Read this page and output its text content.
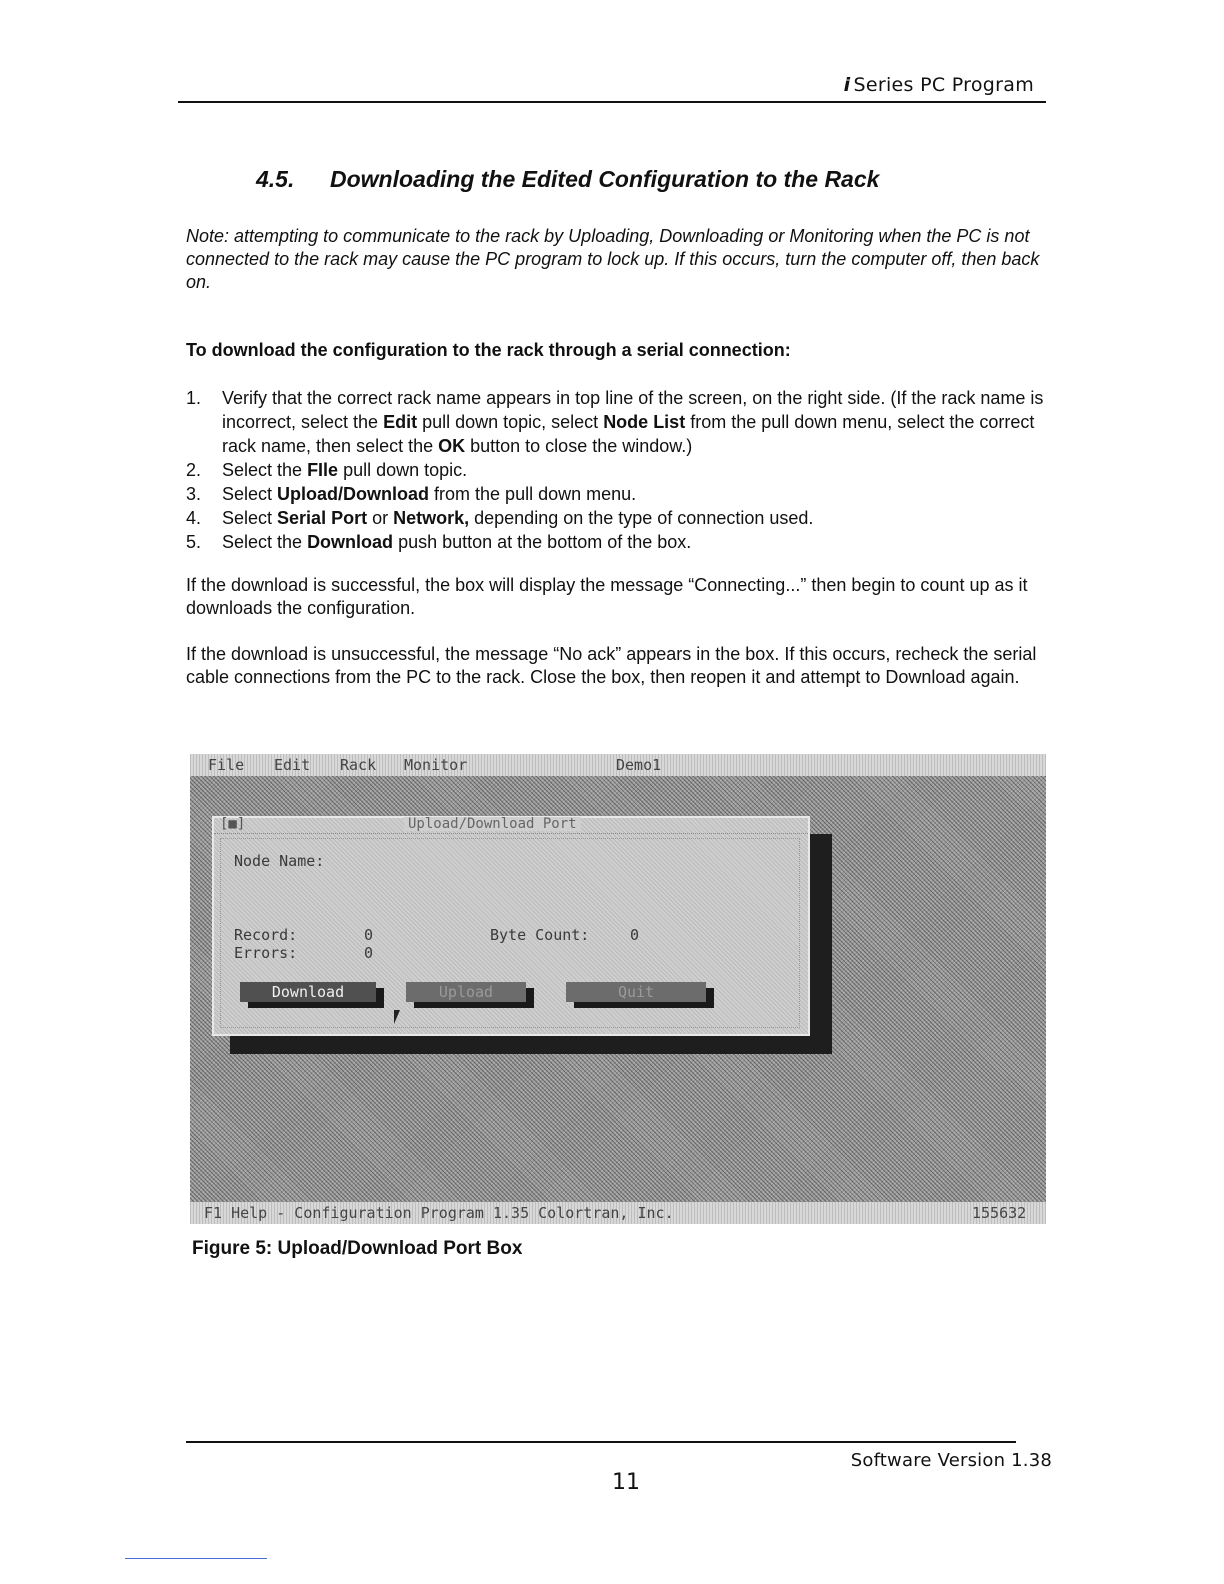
i Series PC Program
4.5. Downloading the Edited Configuration to the Rack
Note: attempting to communicate to the rack by Uploading, Downloading or Monitoring when the PC is not connected to the rack may cause the PC program to lock up. If this occurs, turn the computer off, then back on.
To download the configuration to the rack through a serial connection:
1. Verify that the correct rack name appears in top line of the screen, on the right side. (If the rack name is incorrect, select the Edit pull down topic, select Node List from the pull down menu, select the correct rack name, then select the OK button to close the window.)
2. Select the FIle pull down topic.
3. Select Upload/Download from the pull down menu.
4. Select Serial Port or Network, depending on the type of connection used.
5. Select the Download push button at the bottom of the box.
If the download is successful, the box will display the message “Connecting...” then begin to count up as it downloads the configuration.
If the download is unsuccessful, the message “No ack” appears in the box. If this occurs, recheck the serial cable connections from the PC to the rack. Close the box, then reopen it and attempt to Download again.
File Edit Rack Monitor	Demo1
[■]	Upload/Download Port
Node Name:
Record:	0
Errors:	0
Byte Count:	0
Download	Upload	Quit
F1 Help - Configuration Program 1.35 Colortran, Inc.	155632
Figure 5: Upload/Download Port Box
Software Version 1.38
11
